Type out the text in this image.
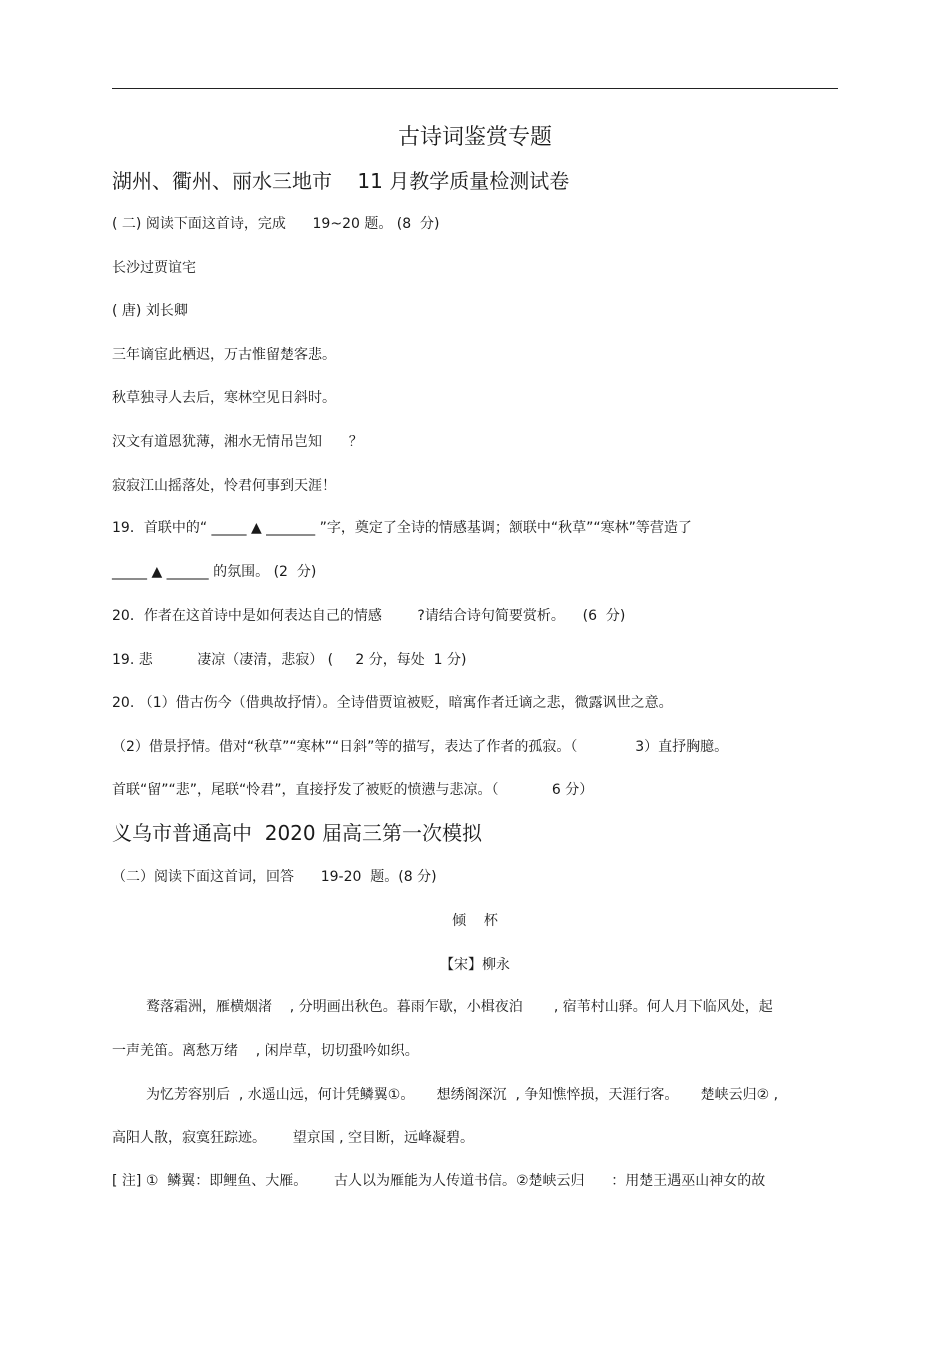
古诗词鉴赏专题
湖州、衢州、丽水三地市    11 月教学质量检测试卷
( 二) 阅读下面这首诗，完成      19~20 题。 (8  分)
长沙过贾谊宅
( 唐) 刘长卿
三年谪宦此栖迟，万古惟留楚客悲。
秋草独寻人去后，寒林空见日斜时。
汉文有道恩犹薄，湘水无情吊岂知      ？
寂寂江山摇落处，怜君何事到天涯！
19．首联中的“ _____ ▲ _______ ”字，奠定了全诗的情感基调；颔联中“秋草”“寒林”等营造了
_____ ▲ ______ 的氛围。 (2  分)
20．作者在这首诗中是如何表达自己的情感        ?请结合诗句简要赏析。    (6  分)
19. 悲          凄凉（凄清，悲寂） (     2 分，每处  1 分)
20. （1）借古伤今（借典故抒情）。全诗借贾谊被贬，暗寓作者迁谪之悲，微露讽世之意。
（2）借景抒情。借对“秋草”“寒林”“日斜”等的描写，表达了作者的孤寂。（             3）直抒胸臆。
首联“留”“悲”，尾联“怜君”，直接抒发了被贬的愤懑与悲凉。（            6 分）
义乌市普通高中  2020 届高三第一次模拟
（二）阅读下面这首词，回答      19-20  题。(8 分)
倾    杯
【宋】柳永
鹜落霜洲，雁横烟渚    , 分明画出秋色。暮雨乍歇，小楫夜泊       , 宿苇村山驿。何人月下临风处，起
一声羌笛。离愁万绪    , 闲岸草，切切蛩吟如织。
为忆芳容别后  , 水遥山远，何计凭鳞翼①。     想绣阁深沉  , 争知憔悴损，天涯行客。     楚峡云归② ,
高阳人散，寂寞狂踪迹。      望京国 , 空目断，远峰凝碧。
[ 注] ①  鳞翼：即鲤鱼、大雁。      古人以为雁能为人传道书信。②楚峡云归      ：用楚王遇巫山神女的故
